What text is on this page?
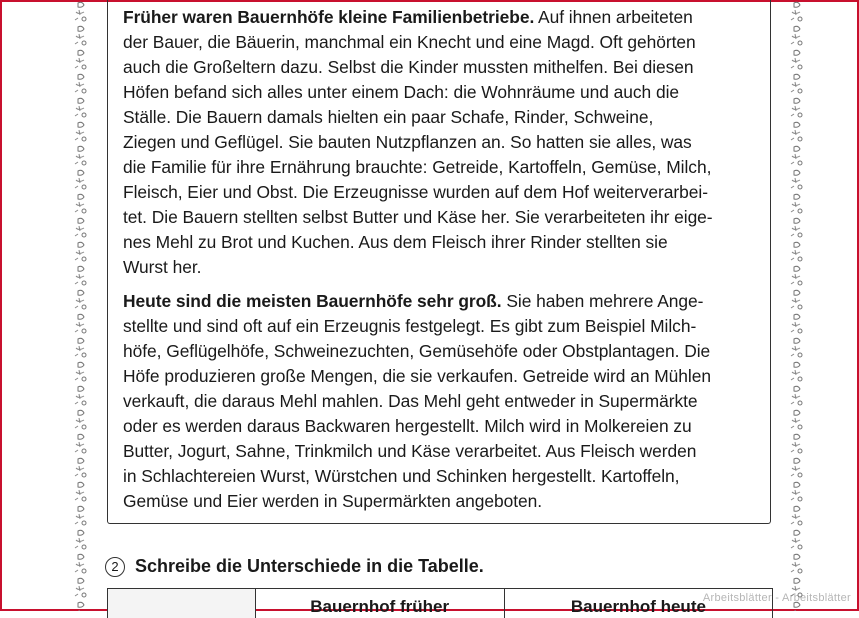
Früher waren Bauernhöfe kleine Familienbetriebe. Auf ihnen arbeiteten
der Bauer, die Bäuerin, manchmal ein Knecht und eine Magd. Oft gehörten
auch die Großeltern dazu. Selbst die Kinder mussten mithelfen. Bei diesen
Höfen befand sich alles unter einem Dach: die Wohnräume und auch die
Ställe. Die Bauern damals hielten ein paar Schafe, Rinder, Schweine,
Ziegen und Geflügel. Sie bauten Nutzpflanzen an. So hatten sie alles, was
die Familie für ihre Ernährung brauchte: Getreide, Kartoffeln, Gemüse, Milch,
Fleisch, Eier und Obst. Die Erzeugnisse wurden auf dem Hof weiterverarbei-
tet. Die Bauern stellten selbst Butter und Käse her. Sie verarbeiteten ihr eige-
nes Mehl zu Brot und Kuchen. Aus dem Fleisch ihrer Rinder stellten sie
Wurst her.

Heute sind die meisten Bauernhöfe sehr groß. Sie haben mehrere Ange-
stellte und sind oft auf ein Erzeugnis festgelegt. Es gibt zum Beispiel Milch-
höfe, Geflügelhöfe, Schweinezuchten, Gemüsehöfe oder Obstplantagen. Die
Höfe produzieren große Mengen, die sie verkaufen. Getreide wird an Mühlen
verkauft, die daraus Mehl mahlen. Das Mehl geht entweder in Supermärkte
oder es werden daraus Backwaren hergestellt. Milch wird in Molkereien zu
Butter, Jogurt, Sahne, Trinkmilch und Käse verarbeitet. Aus Fleisch werden
in Schlachtereien Wurst, Würstchen und Schinken hergestellt. Kartoffeln,
Gemüse und Eier werden in Supermärkten angeboten.

2 Schreibe die Unterschiede in die Tabelle.
Bauernhof früher	Bauernhof heute
Arbeitsblätter - Arbeitsblätter
